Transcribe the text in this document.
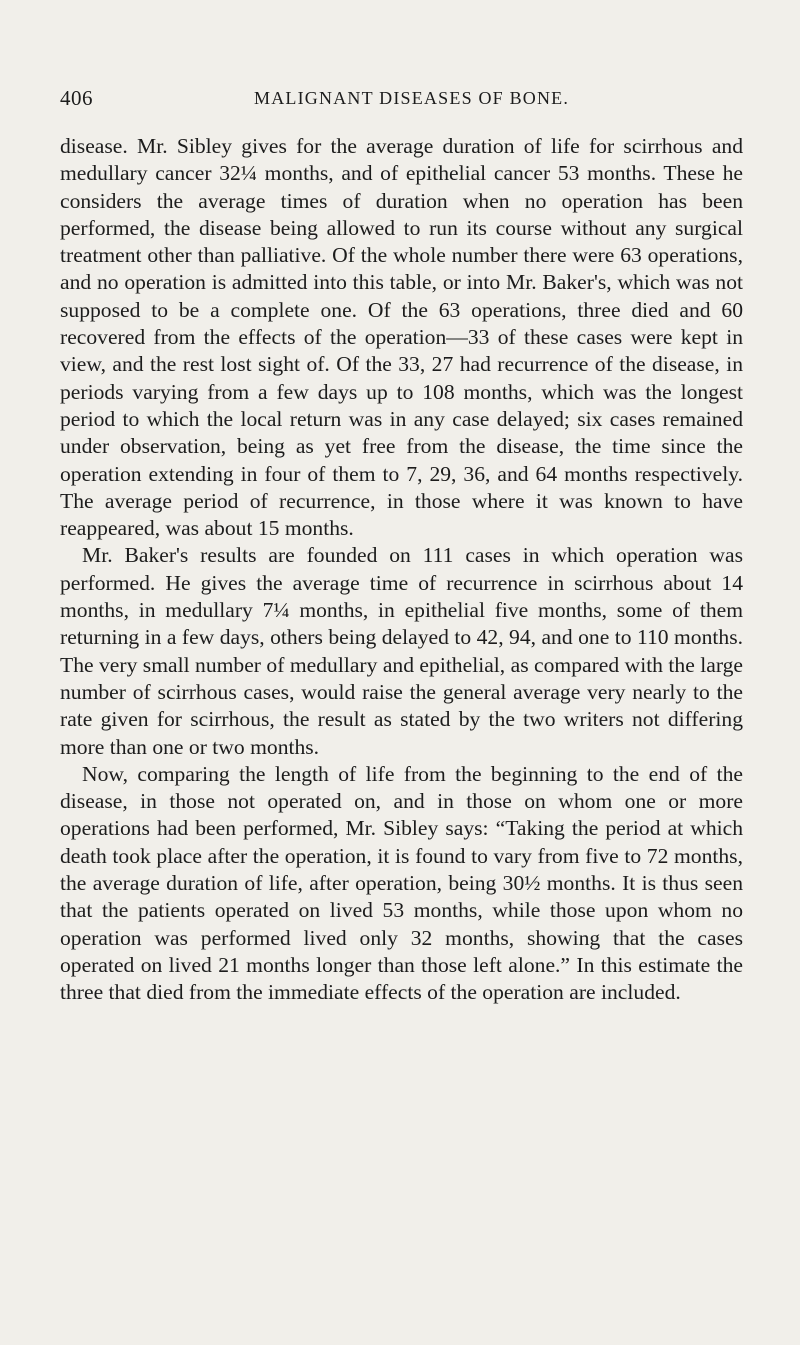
406	MALIGNANT DISEASES OF BONE.

disease. Mr. Sibley gives for the average duration of life for scirrhous and medullary cancer 32¼ months, and of epithelial cancer 53 months. These he considers the average times of duration when no operation has been performed, the disease being allowed to run its course without any surgical treatment other than palliative. Of the whole number there were 63 operations, and no operation is admitted into this table, or into Mr. Baker's, which was not supposed to be a complete one. Of the 63 operations, three died and 60 recovered from the effects of the operation—33 of these cases were kept in view, and the rest lost sight of. Of the 33, 27 had recurrence of the disease, in periods varying from a few days up to 108 months, which was the longest period to which the local return was in any case delayed; six cases remained under observation, being as yet free from the disease, the time since the operation extending in four of them to 7, 29, 36, and 64 months respectively. The average period of recurrence, in those where it was known to have reappeared, was about 15 months.

Mr. Baker's results are founded on 111 cases in which operation was performed. He gives the average time of recurrence in scirrhous about 14 months, in medullary 7¼ months, in epithelial five months, some of them returning in a few days, others being delayed to 42, 94, and one to 110 months. The very small number of medullary and epithelial, as compared with the large number of scirrhous cases, would raise the general average very nearly to the rate given for scirrhous, the result as stated by the two writers not differing more than one or two months.

Now, comparing the length of life from the beginning to the end of the disease, in those not operated on, and in those on whom one or more operations had been performed, Mr. Sibley says: “Taking the period at which death took place after the operation, it is found to vary from five to 72 months, the average duration of life, after operation, being 30½ months. It is thus seen that the patients operated on lived 53 months, while those upon whom no operation was performed lived only 32 months, showing that the cases operated on lived 21 months longer than those left alone.” In this estimate the three that died from the immediate effects of the operation are included.
